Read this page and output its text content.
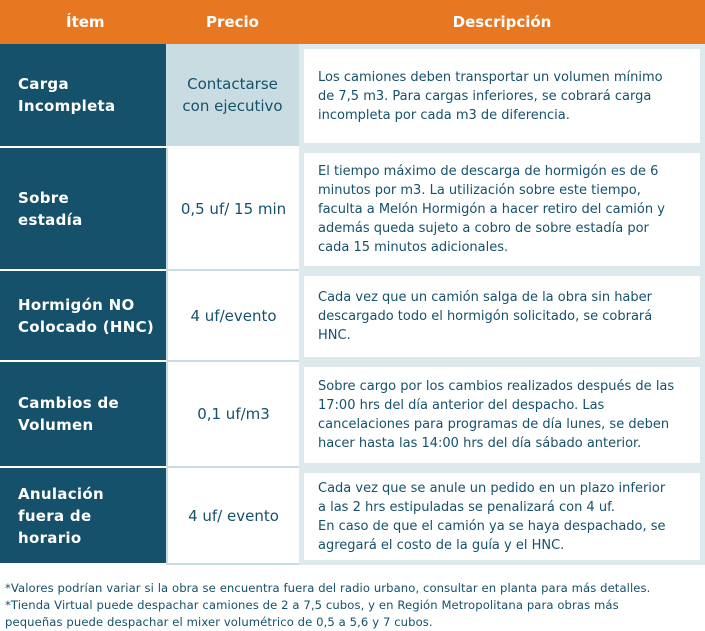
Ítem	Precio	Descripción
Carga
Incompleta
Contactarse
con ejecutivo
Los camiones deben transportar un volumen mínimo
de 7,5 m3. Para cargas inferiores, se cobrará carga
incompleta por cada m3 de diferencia.
Sobre
estadía
0,5 uf/ 15 min
El tiempo máximo de descarga de hormigón es de 6
minutos por m3. La utilización sobre este tiempo,
faculta a Melón Hormigón a hacer retiro del camión y
además queda sujeto a cobro de sobre estadía por
cada 15 minutos adicionales.
Hormigón NO
Colocado (HNC)
4 uf/evento
Cada vez que un camión salga de la obra sin haber
descargado todo el hormigón solicitado, se cobrará
HNC.
Cambios de
Volumen
0,1 uf/m3
Sobre cargo por los cambios realizados después de las
17:00 hrs del día anterior del despacho. Las
cancelaciones para programas de día lunes, se deben
hacer hasta las 14:00 hrs del día sábado anterior.
Anulación
fuera de horario
4 uf/ evento
Cada vez que se anule un pedido en un plazo inferior
a las 2 hrs estipuladas se penalizará con 4 uf.
En caso de que el camión ya se haya despachado, se
agregará el costo de la guía y el HNC.
*Valores podrían variar si la obra se encuentra fuera del radio urbano, consultar en planta para más detalles.
*Tienda Virtual puede despachar camiones de 2 a 7,5 cubos, y en Región Metropolitana para obras más
pequeñas puede despachar el mixer volumétrico de 0,5 a 5,6 y 7 cubos.
